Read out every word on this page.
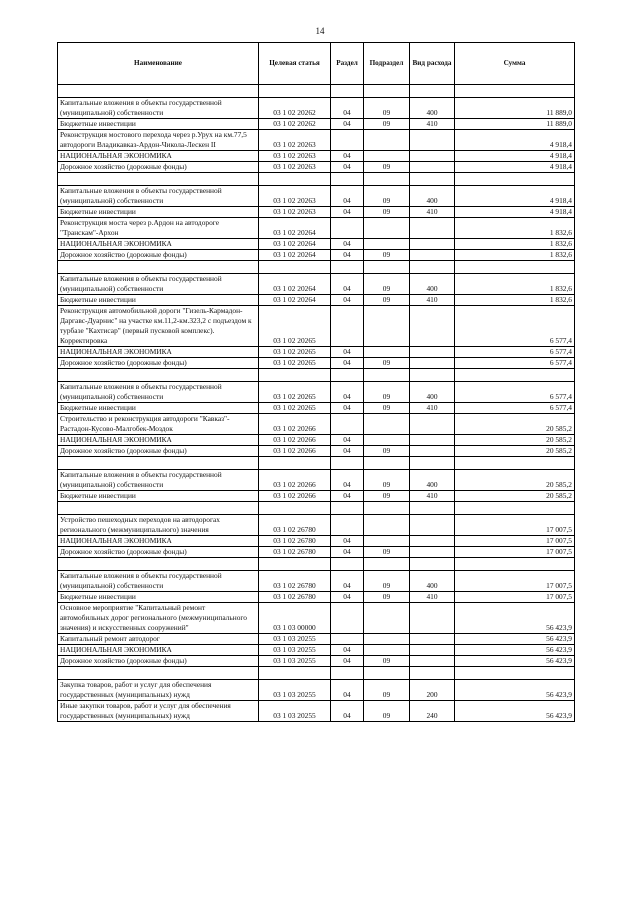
14
Наименование	Целевая статья	Раздел	Подраздел	Вид расхода	Сумма

Капитальные вложения в объекты государственной (муниципальной) собственности	03 1 02 20262	04	09	400	11 889,0
Бюджетные инвестиции	03 1 02 20262	04	09	410	11 889,0
Реконструкция мостового перехода через р.Урух на км.77,5 автодороги Владикавказ-Ардон-Чикола-Лескен II	03 1 02 20263				4 918,4
НАЦИОНАЛЬНАЯ ЭКОНОМИКА	03 1 02 20263	04			4 918,4
Дорожное хозяйство (дорожные фонды)	03 1 02 20263	04	09		4 918,4

Капитальные вложения в объекты государственной (муниципальной) собственности	03 1 02 20263	04	09	400	4 918,4
Бюджетные инвестиции	03 1 02 20263	04	09	410	4 918,4
Реконструкция моста через р.Ардон на автодороге "Транскам"-Архон	03 1 02 20264				1 832,6
НАЦИОНАЛЬНАЯ ЭКОНОМИКА	03 1 02 20264	04			1 832,6
Дорожное хозяйство (дорожные фонды)	03 1 02 20264	04	09		1 832,6

Капитальные вложения в объекты государственной (муниципальной) собственности	03 1 02 20264	04	09	400	1 832,6
Бюджетные инвестиции	03 1 02 20264	04	09	410	1 832,6
Реконструкция автомобильной дороги "Гизель-Кармадон-Даргавс-Дуарнис" на участке км.11,2-км.323,2 с подъездом к турбазе "Кахтисар" (первый пусковой комплекс). Корректировка	03 1 02 20265				6 577,4
НАЦИОНАЛЬНАЯ ЭКОНОМИКА	03 1 02 20265	04			6 577,4
Дорожное хозяйство (дорожные фонды)	03 1 02 20265	04	09		6 577,4

Капитальные вложения в объекты государственной (муниципальной) собственности	03 1 02 20265	04	09	400	6 577,4
Бюджетные инвестиции	03 1 02 20265	04	09	410	6 577,4
Строительство и реконструкция автодороги "Кавказ"-Растадон-Кусово-Малгобек-Моздок	03 1 02 20266				20 585,2
НАЦИОНАЛЬНАЯ ЭКОНОМИКА	03 1 02 20266	04			20 585,2
Дорожное хозяйство (дорожные фонды)	03 1 02 20266	04	09		20 585,2

Капитальные вложения в объекты государственной (муниципальной) собственности	03 1 02 20266	04	09	400	20 585,2
Бюджетные инвестиции	03 1 02 20266	04	09	410	20 585,2

Устройство пешеходных переходов на автодорогах регионального (межмуниципального) значения	03 1 02 26780				17 007,5
НАЦИОНАЛЬНАЯ ЭКОНОМИКА	03 1 02 26780	04			17 007,5
Дорожное хозяйство (дорожные фонды)	03 1 02 26780	04	09		17 007,5

Капитальные вложения в объекты государственной (муниципальной) собственности	03 1 02 26780	04	09	400	17 007,5
Бюджетные инвестиции	03 1 02 26780	04	09	410	17 007,5
Основное мероприятие "Капитальный ремонт автомобильных дорог регионального (межмуниципального значения) и искусственных сооружений"	03 1 03 00000				56 423,9
Капитальный ремонт автодорог	03 1 03 20255				56 423,9
НАЦИОНАЛЬНАЯ ЭКОНОМИКА	03 1 03 20255	04			56 423,9
Дорожное хозяйство (дорожные фонды)	03 1 03 20255	04	09		56 423,9

Закупка товаров, работ и услуг для обеспечения государственных (муниципальных) нужд	03 1 03 20255	04	09	200	56 423,9
Иные закупки товаров, работ и услуг для обеспечения государственных (муниципальных) нужд	03 1 03 20255	04	09	240	56 423,9
